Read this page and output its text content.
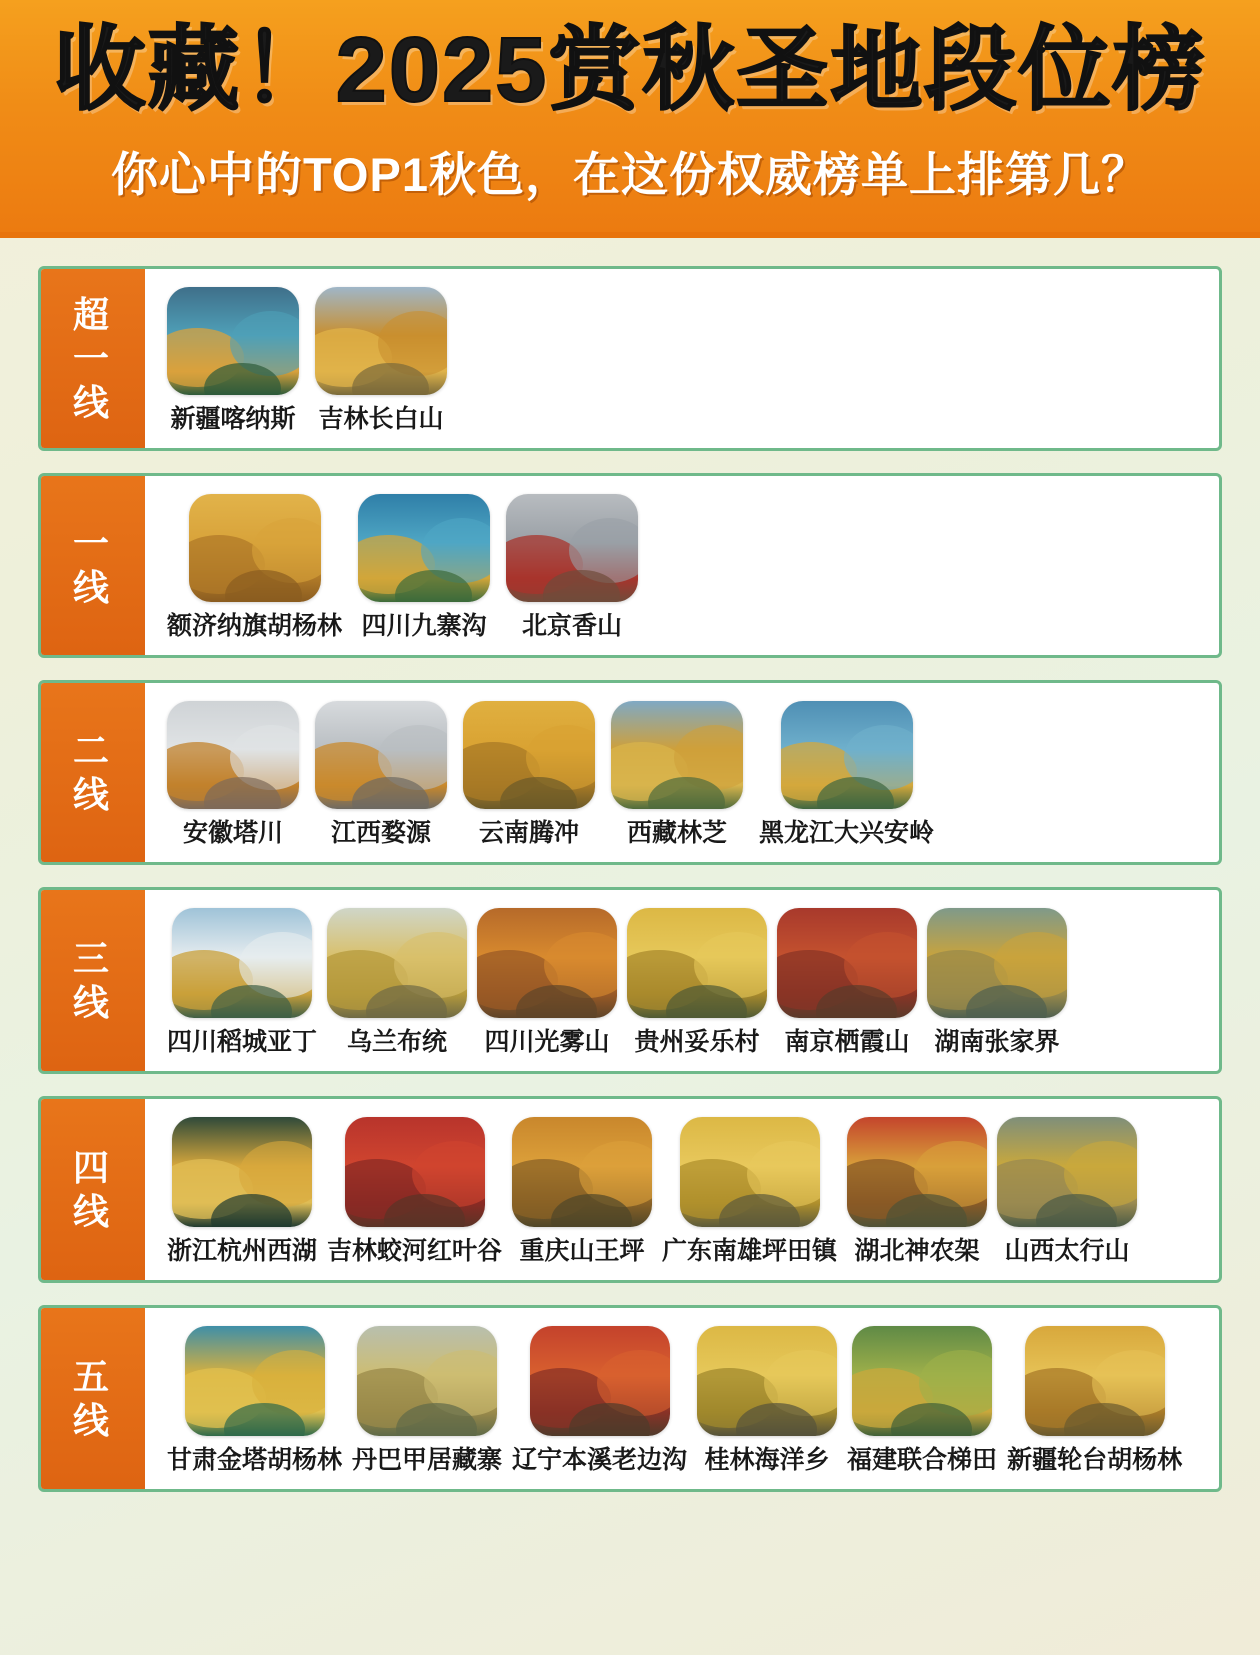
收藏！2025赏秋圣地段位榜
你心中的TOP1秋色，在这份权威榜单上排第几？
超
一
线 新疆喀纳斯 吉林长白山
一
线
额济纳旗胡杨林 四川九寨沟 北京香山
二
线
安徽塔川 江西婺源 云南腾冲 西藏林芝 黑龙江大兴安岭
三
线
四川稻城亚丁 乌兰布统 四川光雾山 贵州妥乐村 南京栖霞山 湖南张家界
四
线
浙江杭州西湖 吉林蛟河红叶谷 重庆山王坪 广东南雄坪田镇 湖北神农架 山西太行山
五
线
甘肃金塔胡杨林 丹巴甲居藏寨 辽宁本溪老边沟 桂林海洋乡 福建联合梯田 新疆轮台胡杨林
